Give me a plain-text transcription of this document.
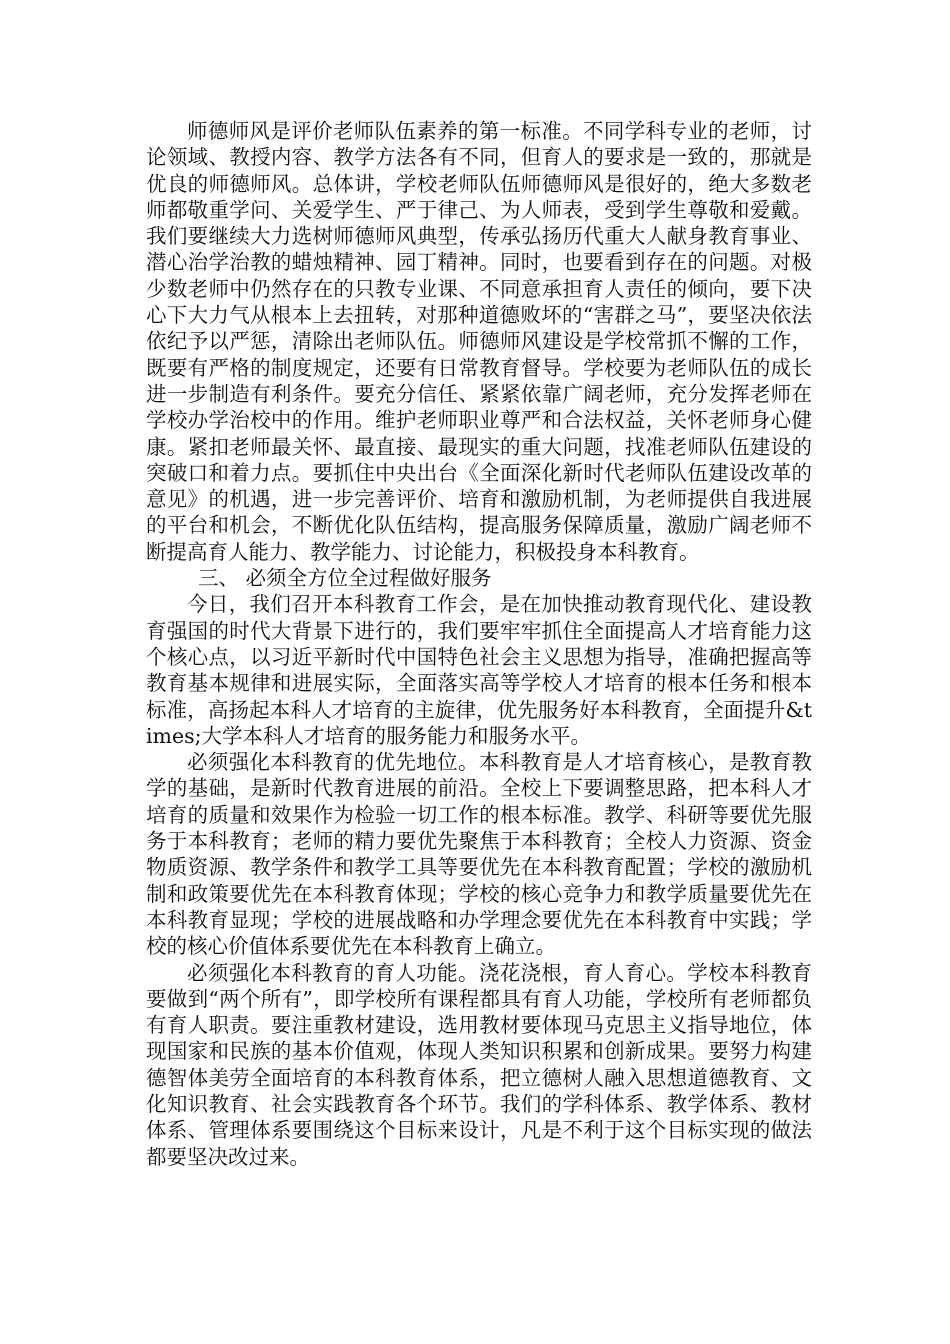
师德师风是评价老师队伍素养的第一标准。不同学科专业的老师，讨论领域、教授内容、教学方法各有不同，但育人的要求是一致的，那就是优良的师德师风。总体讲，学校老师队伍师德师风是很好的，绝大多数老师都敬重学问、关爱学生、严于律己、为人师表，受到学生尊敬和爱戴。我们要继续大力选树师德师风典型，传承弘扬历代重大人献身教育事业、潜心治学治教的蜡烛精神、园丁精神。同时，也要看到存在的问题。对极少数老师中仍然存在的只教专业课、不同意承担育人责任的倾向，要下决心下大力气从根本上去扭转，对那种道德败坏的“害群之马”，要坚决依法依纪予以严惩，清除出老师队伍。师德师风建设是学校常抓不懈的工作，既要有严格的制度规定，还要有日常教育督导。学校要为老师队伍的成长进一步制造有利条件。要充分信任、紧紧依靠广阔老师，充分发挥老师在学校办学治校中的作用。维护老师职业尊严和合法权益，关怀老师身心健康。紧扣老师最关怀、最直接、最现实的重大问题，找准老师队伍建设的突破口和着力点。要抓住中央出台《全面深化新时代老师队伍建设改革的意见》的机遇，进一步完善评价、培育和激励机制，为老师提供自我进展的平台和机会，不断优化队伍结构，提高服务保障质量，激励广阔老师不断提高育人能力、教学能力、讨论能力，积极投身本科教育。

三、 必须全方位全过程做好服务

今日，我们召开本科教育工作会，是在加快推动教育现代化、建设教育强国的时代大背景下进行的，我们要牢牢抓住全面提高人才培育能力这个核心点，以习近平新时代中国特色社会主义思想为指导，准确把握高等教育基本规律和进展实际，全面落实高等学校人才培育的根本任务和根本标准，高扬起本科人才培育的主旋律，优先服务好本科教育，全面提升&times;大学本科人才培育的服务能力和服务水平。

必须强化本科教育的优先地位。本科教育是人才培育核心，是教育教学的基础，是新时代教育进展的前沿。全校上下要调整思路，把本科人才培育的质量和效果作为检验一切工作的根本标准。教学、科研等要优先服务于本科教育；老师的精力要优先聚焦于本科教育；全校人力资源、资金物质资源、教学条件和教学工具等要优先在本科教育配置；学校的激励机制和政策要优先在本科教育体现；学校的核心竞争力和教学质量要优先在本科教育显现；学校的进展战略和办学理念要优先在本科教育中实践；学校的核心价值体系要优先在本科教育上确立。

必须强化本科教育的育人功能。浇花浇根，育人育心。学校本科教育要做到“两个所有”，即学校所有课程都具有育人功能，学校所有老师都负有育人职责。要注重教材建设，选用教材要体现马克思主义指导地位，体现国家和民族的基本价值观，体现人类知识积累和创新成果。要努力构建德智体美劳全面培育的本科教育体系，把立德树人融入思想道德教育、文化知识教育、社会实践教育各个环节。我们的学科体系、教学体系、教材体系、管理体系要围绕这个目标来设计，凡是不利于这个目标实现的做法都要坚决改过来。
